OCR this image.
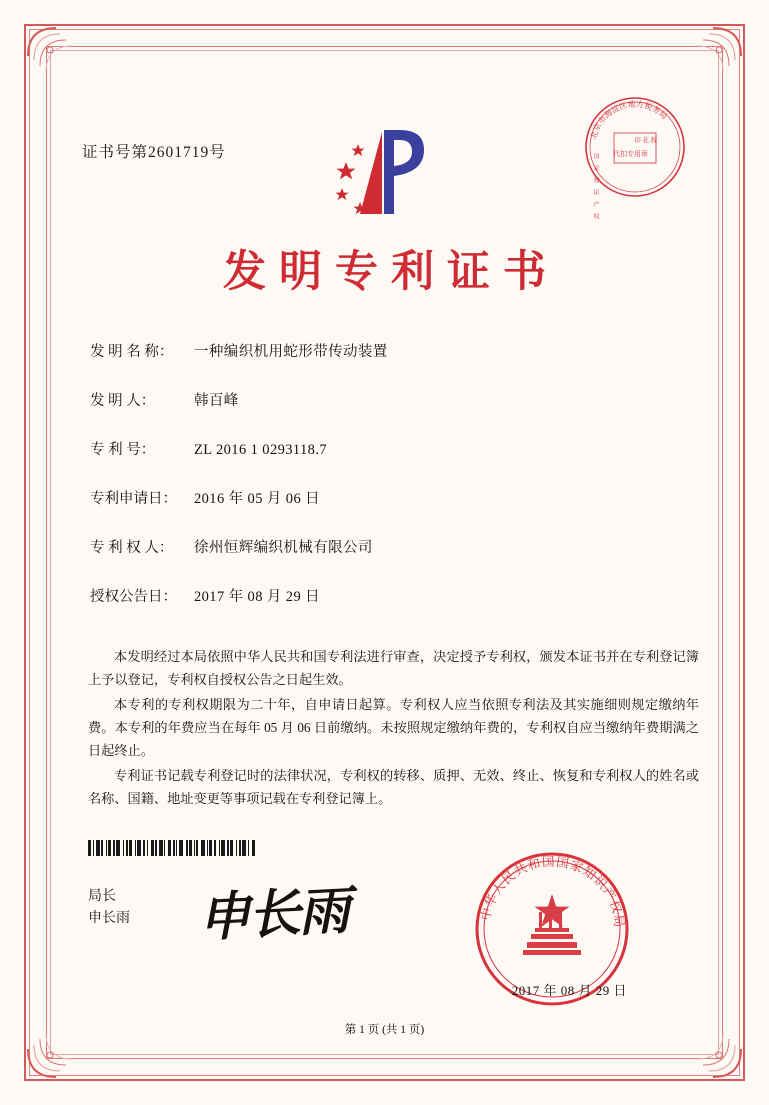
证书号第2601719号
北京市海淀区地方税务局
国 家 知 识 产 权
印 花 税
代扣专用章
发明专利证书
发 明 名 称：	一种编织机用蛇形带传动装置
发 明 人：	韩百峰
专 利 号：	ZL 2016 1 0293118.7
专利申请日：	2016 年 05 月 06 日
专 利 权 人：	徐州恒辉编织机械有限公司
授权公告日：	2017 年 08 月 29 日

本发明经过本局依照中华人民共和国专利法进行审查，决定授予专利权，颁发本证书并在专利登记簿上予以登记，专利权自授权公告之日起生效。

本专利的专利权期限为二十年，自申请日起算。专利权人应当依照专利法及其实施细则规定缴纳年费。本专利的年费应当在每年 05 月 06 日前缴纳。未按照规定缴纳年费的，专利权自应当缴纳年费期满之日起终止。

专利证书记载专利登记时的法律状况，专利权的转移、质押、无效、终止、恢复和专利权人的姓名或名称、国籍、地址变更等事项记载在专利登记簿上。

局长
申长雨 申长雨	中华人民共和国国家知识产权局
2017 年 08 月 29 日
第 1 页 (共 1 页)
